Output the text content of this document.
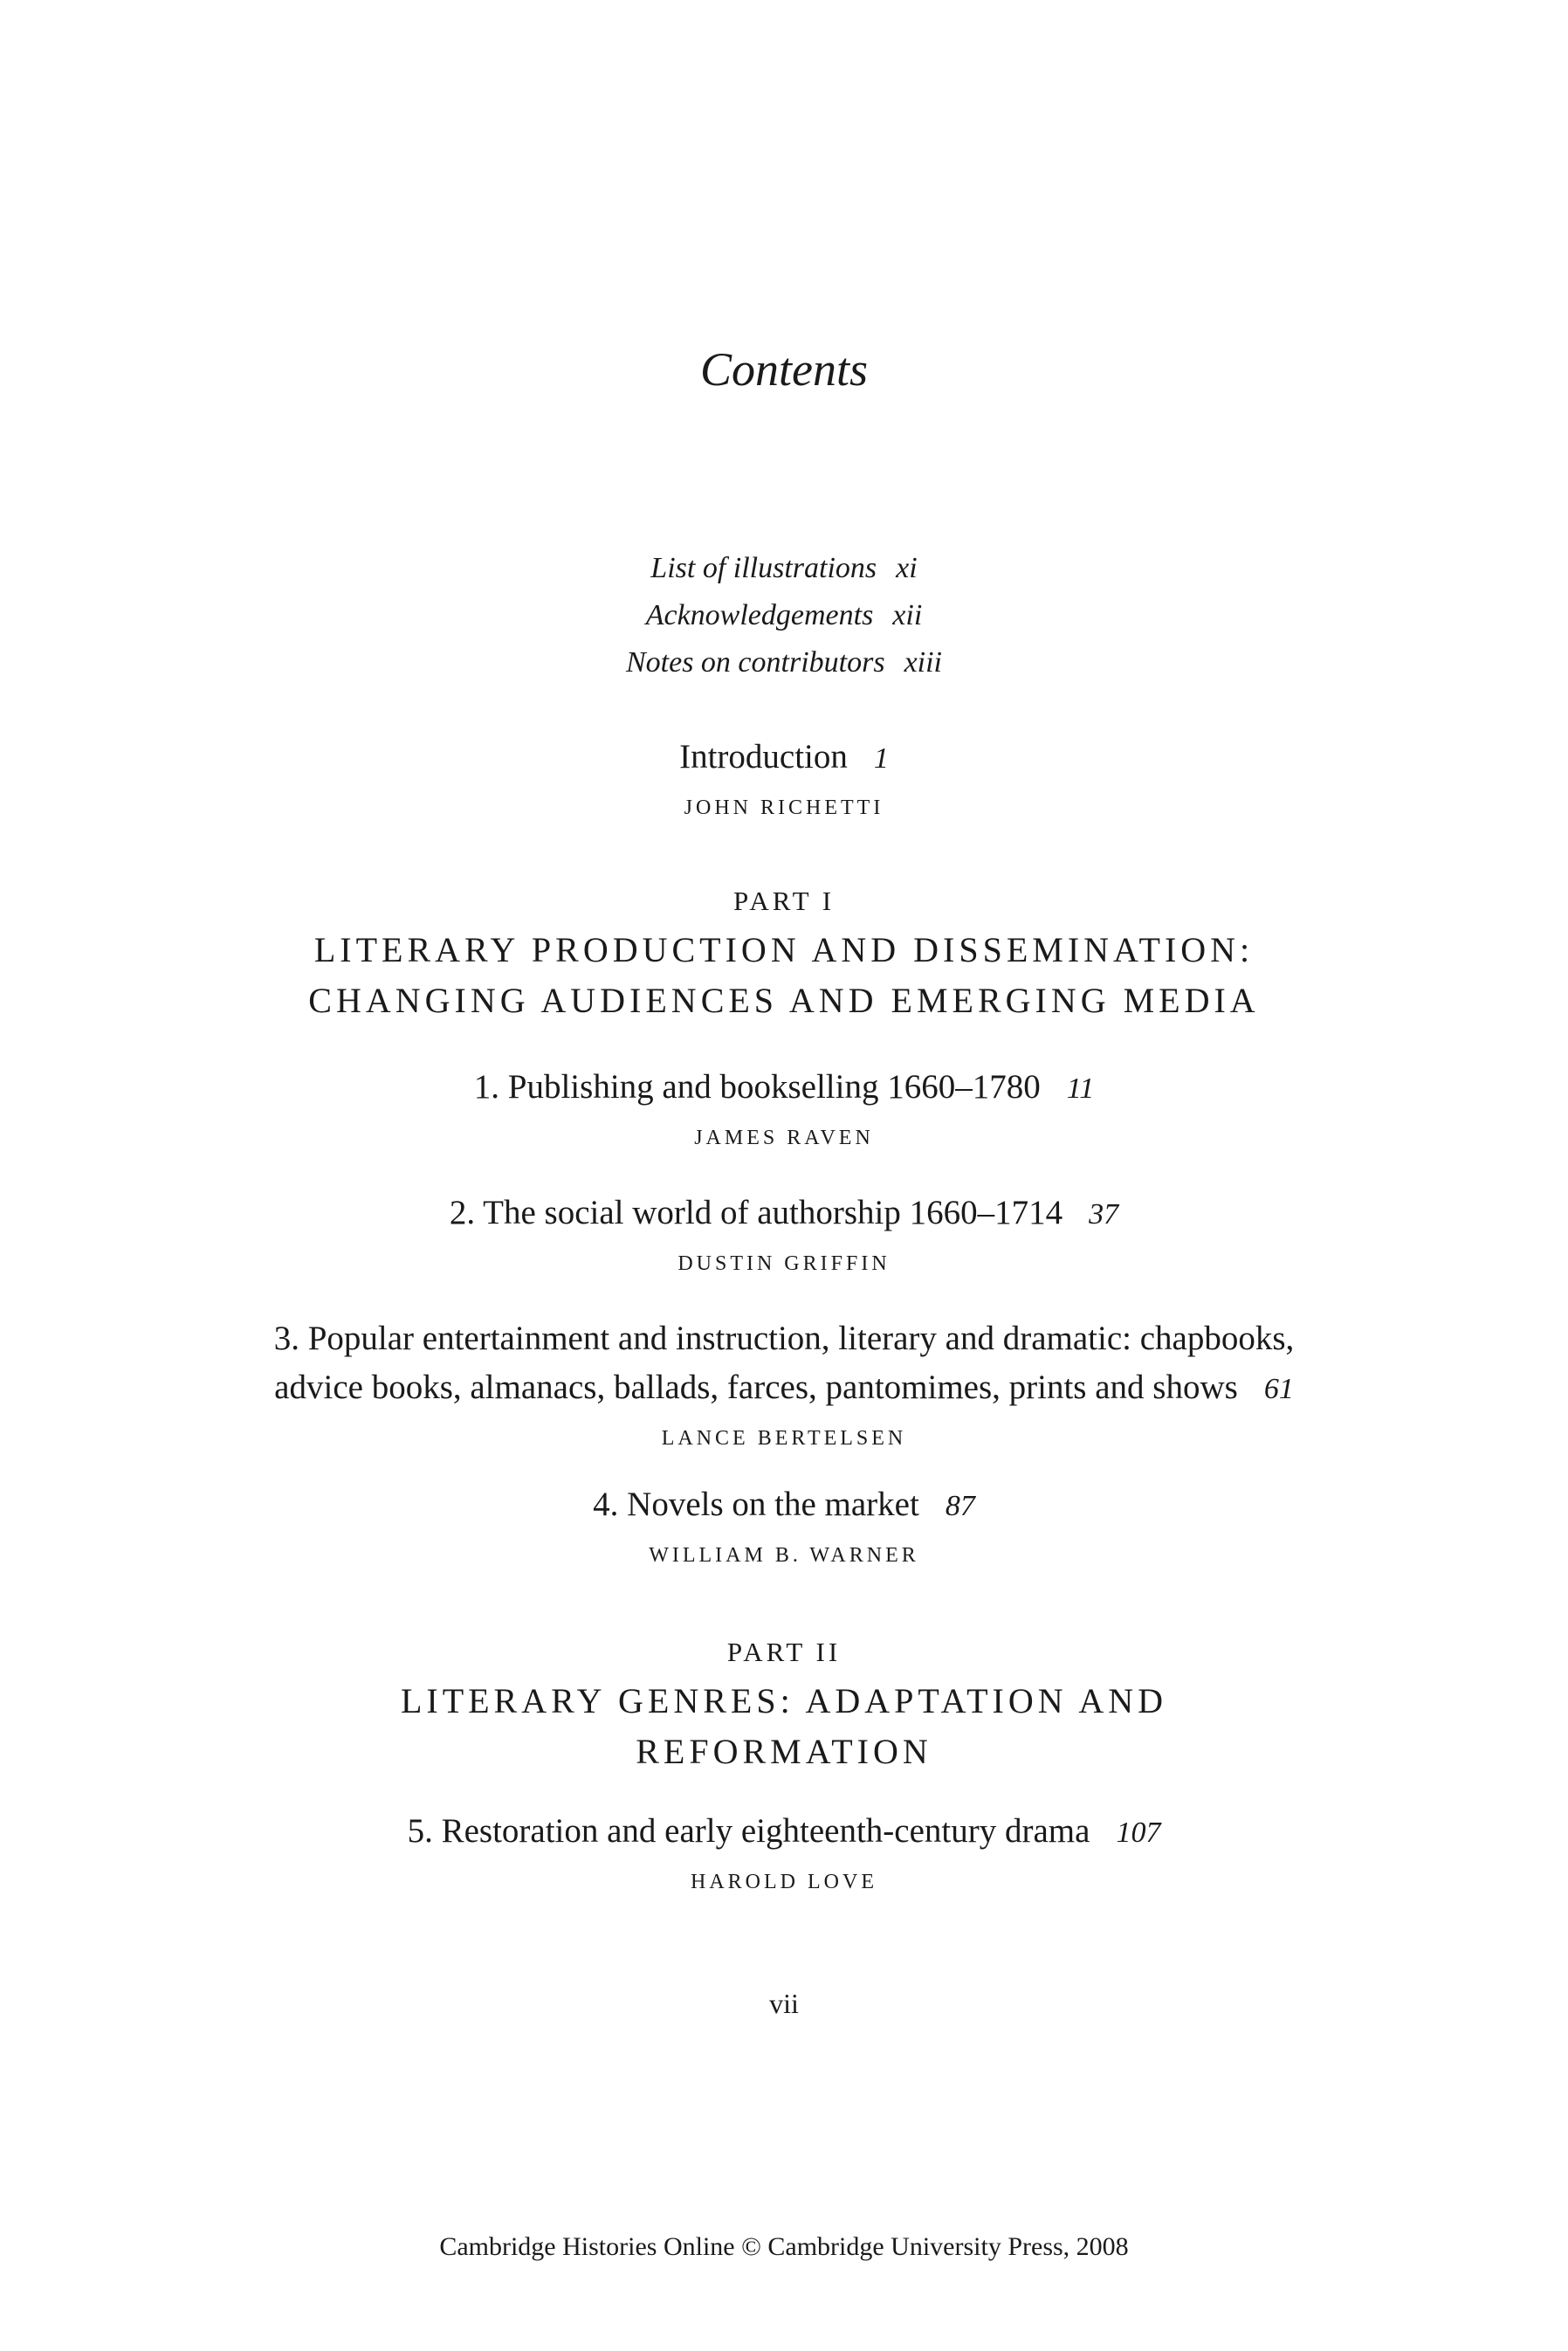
Contents
List of illustrations xi
Acknowledgements xii
Notes on contributors xiii
Introduction 1
JOHN RICHETTI
PART I
LITERARY PRODUCTION AND DISSEMINATION:
CHANGING AUDIENCES AND EMERGING MEDIA
1. Publishing and bookselling 1660–1780 11
JAMES RAVEN
2. The social world of authorship 1660–1714 37
DUSTIN GRIFFIN
3. Popular entertainment and instruction, literary and dramatic: chapbooks,
advice books, almanacs, ballads, farces, pantomimes, prints and shows 61
LANCE BERTELSEN
4. Novels on the market 87
WILLIAM B. WARNER
PART II
LITERARY GENRES: ADAPTATION AND
REFORMATION
5. Restoration and early eighteenth-century drama 107
HAROLD LOVE
vii
Cambridge Histories Online © Cambridge University Press, 2008
